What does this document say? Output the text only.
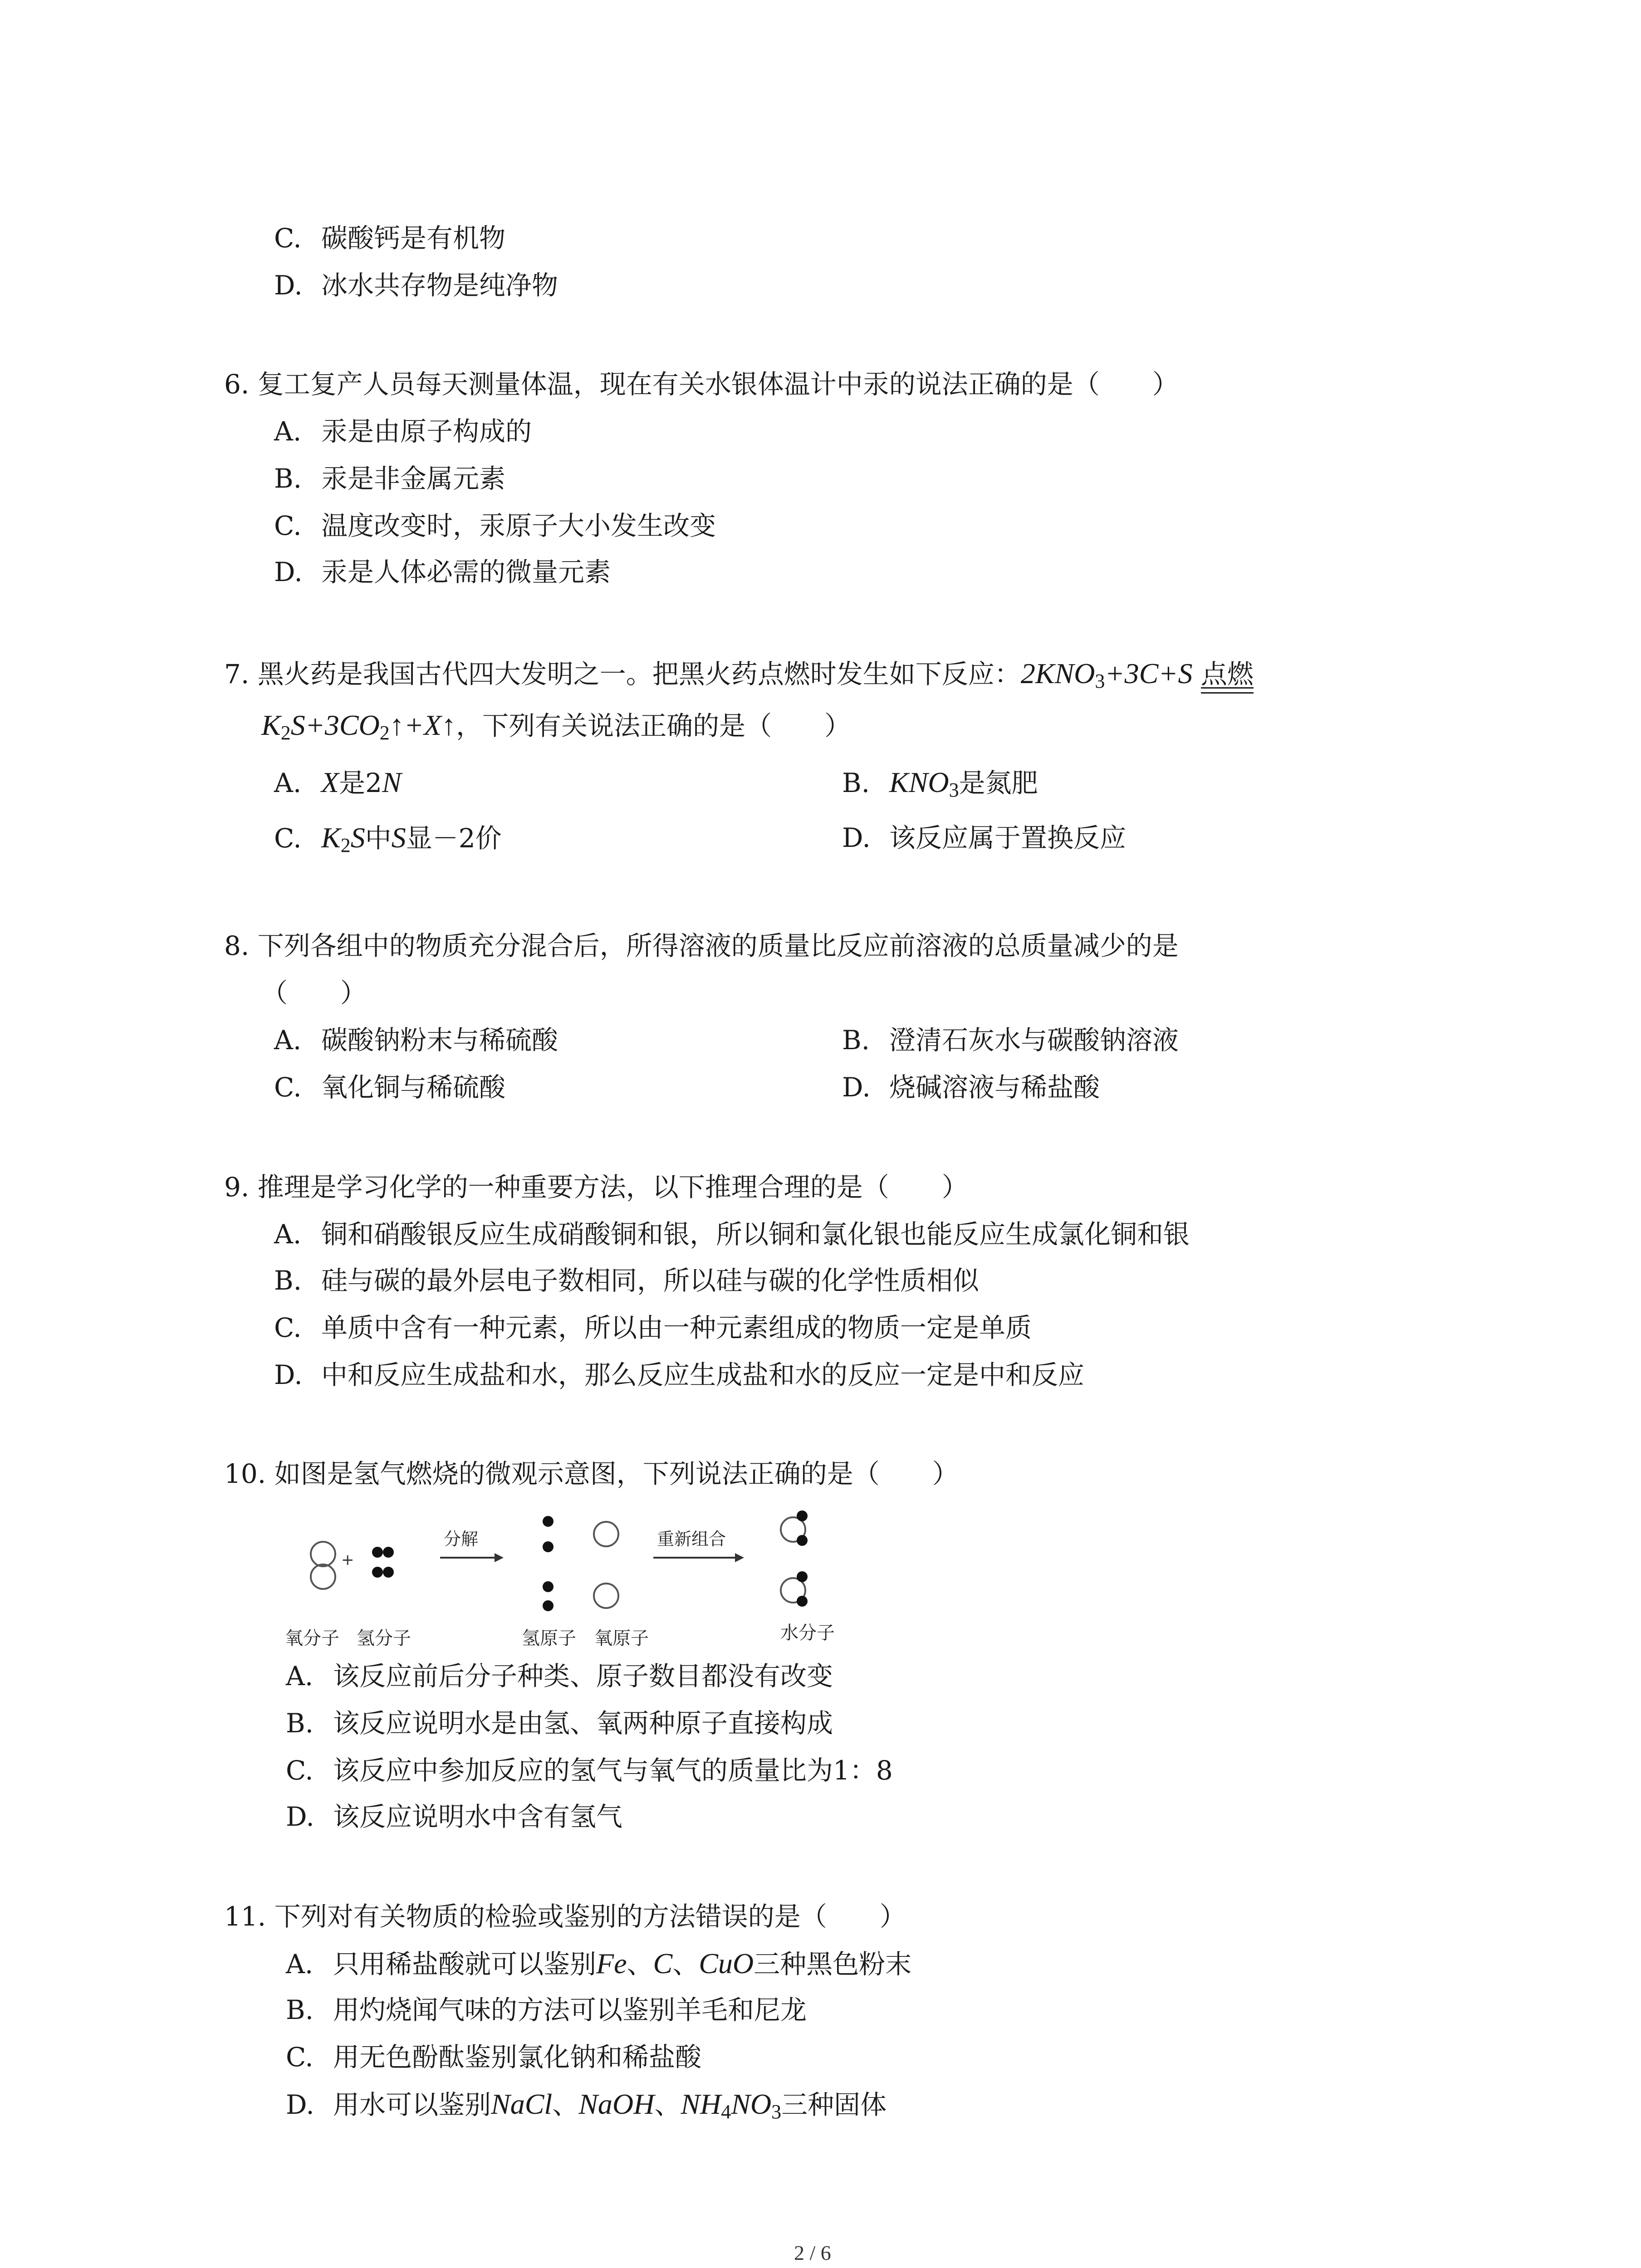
C. 碳酸钙是有机物
D. 冰水共存物是纯净物
6. 复工复产人员每天测量体温，现在有关水银体温计中汞的说法正确的是（　　）
A. 汞是由原子构成的
B. 汞是非金属元素
C. 温度改变时，汞原子大小发生改变
D. 汞是人体必需的微量元素
7. 黑火药是我国古代四大发明之一。把黑火药点燃时发生如下反应：$2KNO_3+3C+S$ 点燃
$K_2S+3CO_2↑+X↑$，下列有关说法正确的是（　　）
A. X是2N	B. $KNO_3$是氮肥
C. $K_2S$中S显－2价	D. 该反应属于置换反应
8. 下列各组中的物质充分混合后，所得溶液的质量比反应前溶液的总质量减少的是
（　　）
A. 碳酸钠粉末与稀硫酸	B. 澄清石灰水与碳酸钠溶液
C. 氧化铜与稀硫酸	D. 烧碱溶液与稀盐酸
9. 推理是学习化学的一种重要方法，以下推理合理的是（　　）
A. 铜和硝酸银反应生成硝酸铜和银，所以铜和氯化银也能反应生成氯化铜和银
B. 硅与碳的最外层电子数相同，所以硅与碳的化学性质相似
C. 单质中含有一种元素，所以由一种元素组成的物质一定是单质
D. 中和反应生成盐和水，那么反应生成盐和水的反应一定是中和反应
10. 如图是氢气燃烧的微观示意图，下列说法正确的是（　　）
+
分解	重新组合
氧分子 氢分子	氢原子 氧原子	水分子
A. 该反应前后分子种类、原子数目都没有改变
B. 该反应说明水是由氢、氧两种原子直接构成
C. 该反应中参加反应的氢气与氧气的质量比为1：8
D. 该反应说明水中含有氢气
11. 下列对有关物质的检验或鉴别的方法错误的是（　　）
A. 只用稀盐酸就可以鉴别Fe、C、CuO三种黑色粉末
B. 用灼烧闻气味的方法可以鉴别羊毛和尼龙
C. 用无色酚酞鉴别氯化钠和稀盐酸
D. 用水可以鉴别NaCl、NaOH、$NH_4NO_3$三种固体
2 / 6
